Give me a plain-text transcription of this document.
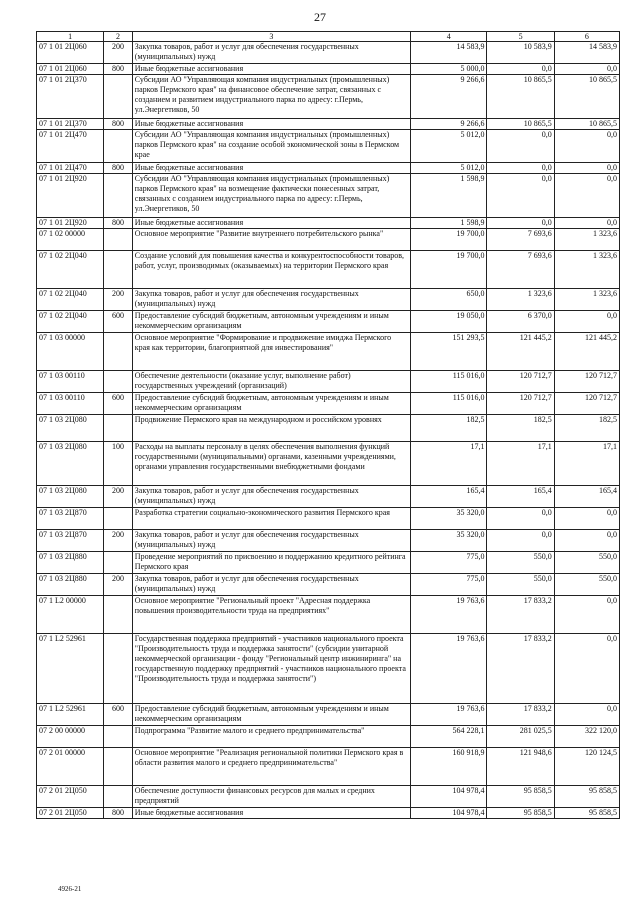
27
1	2	3	4	5	6
07 1 01 2Ц060	200	Закупка товаров, работ и услуг для обеспечения государственных (муниципальных) нужд	14 583,9	10 583,9	14 583,9
07 1 01 2Ц060	800	Иные бюджетные ассигнования	5 000,0	0,0	0,0
07 1 01 2Ц370		Субсидии АО "Управляющая компания индустриальных (промышленных) парков Пермского края" на финансовое обеспечение затрат, связанных с созданием и развитием индустриального парка по адресу: г.Пермь, ул.Энергетиков, 50	9 266,6	10 865,5	10 865,5
07 1 01 2Ц370	800	Иные бюджетные ассигнования	9 266,6	10 865,5	10 865,5
07 1 01 2Ц470		Субсидии АО "Управляющая компания индустриальных (промышленных) парков Пермского края" на создание особой экономической зоны в Пермском крае	5 012,0	0,0	0,0
07 1 01 2Ц470	800	Иные бюджетные ассигнования	5 012,0	0,0	0,0
07 1 01 2Ц920		Субсидии АО "Управляющая компания индустриальных (промышленных) парков Пермского края" на возмещение фактически понесенных затрат, связанных с созданием индустриального парка по адресу: г.Пермь, ул.Энергетиков, 50	1 598,9	0,0	0,0
07 1 01 2Ц920	800	Иные бюджетные ассигнования	1 598,9	0,0	0,0
07 1 02 00000		Основное мероприятие "Развитие внутреннего потребительского рынка"	19 700,0	7 693,6	1 323,6
07 1 02 2Ц040		Создание условий для повышения качества и конкурентоспособности товаров, работ, услуг, производимых (оказываемых) на территории Пермского края	19 700,0	7 693,6	1 323,6
07 1 02 2Ц040	200	Закупка товаров, работ и услуг для обеспечения государственных (муниципальных) нужд	650,0	1 323,6	1 323,6
07 1 02 2Ц040	600	Предоставление субсидий бюджетным, автономным учреждениям и иным некоммерческим организациям	19 050,0	6 370,0	0,0
07 1 03 00000		Основное мероприятие "Формирование и продвижение имиджа Пермского края как территории, благоприятной для инвестирования"	151 293,5	121 445,2	121 445,2
07 1 03 00110		Обеспечение деятельности (оказание услуг, выполнение работ) государственных учреждений (организаций)	115 016,0	120 712,7	120 712,7
07 1 03 00110	600	Предоставление субсидий бюджетным, автономным учреждениям и иным некоммерческим организациям	115 016,0	120 712,7	120 712,7
07 1 03 2Ц080		Продвижение Пермского края на международном и российском уровнях	182,5	182,5	182,5
07 1 03 2Ц080	100	Расходы на выплаты персоналу в целях обеспечения выполнения функций государственными (муниципальными) органами, казенными учреждениями, органами управления государственными внебюджетными фондами	17,1	17,1	17,1
07 1 03 2Ц080	200	Закупка товаров, работ и услуг для обеспечения государственных (муниципальных) нужд	165,4	165,4	165,4
07 1 03 2Ц870		Разработка стратегии социально-экономического развития Пермского края	35 320,0	0,0	0,0
07 1 03 2Ц870	200	Закупка товаров, работ и услуг для обеспечения государственных (муниципальных) нужд	35 320,0	0,0	0,0
07 1 03 2Ц880		Проведение мероприятий по присвоению и поддержанию кредитного рейтинга Пермского края	775,0	550,0	550,0
07 1 03 2Ц880	200	Закупка товаров, работ и услуг для обеспечения государственных (муниципальных) нужд	775,0	550,0	550,0
07 1 L2 00000		Основное мероприятие "Региональный проект "Адресная поддержка повышения производительности труда на предприятиях"	19 763,6	17 833,2	0,0
07 1 L2 52961		Государственная поддержка предприятий - участников национального проекта "Производительность труда и поддержка занятости" (субсидии унитарной некоммерческой организации - фонду "Региональный центр инжиниринга" на государственную поддержку предприятий - участников национального проекта "Производительность труда и поддержка занятости")	19 763,6	17 833,2	0,0
07 1 L2 52961	600	Предоставление субсидий бюджетным, автономным учреждениям и иным некоммерческим организациям	19 763,6	17 833,2	0,0
07 2 00 00000		Подпрограмма "Развитие малого и среднего предпринимательства"	564 228,1	281 025,5	322 120,0
07 2 01 00000		Основное мероприятие "Реализация региональной политики Пермского края в области развития малого и среднего предпринимательства"	160 918,9	121 948,6	120 124,5
07 2 01 2Ц050		Обеспечение доступности финансовых ресурсов для малых и средних предприятий	104 978,4	95 858,5	95 858,5
07 2 01 2Ц050	800	Иные бюджетные ассигнования	104 978,4	95 858,5	95 858,5
4926-21
